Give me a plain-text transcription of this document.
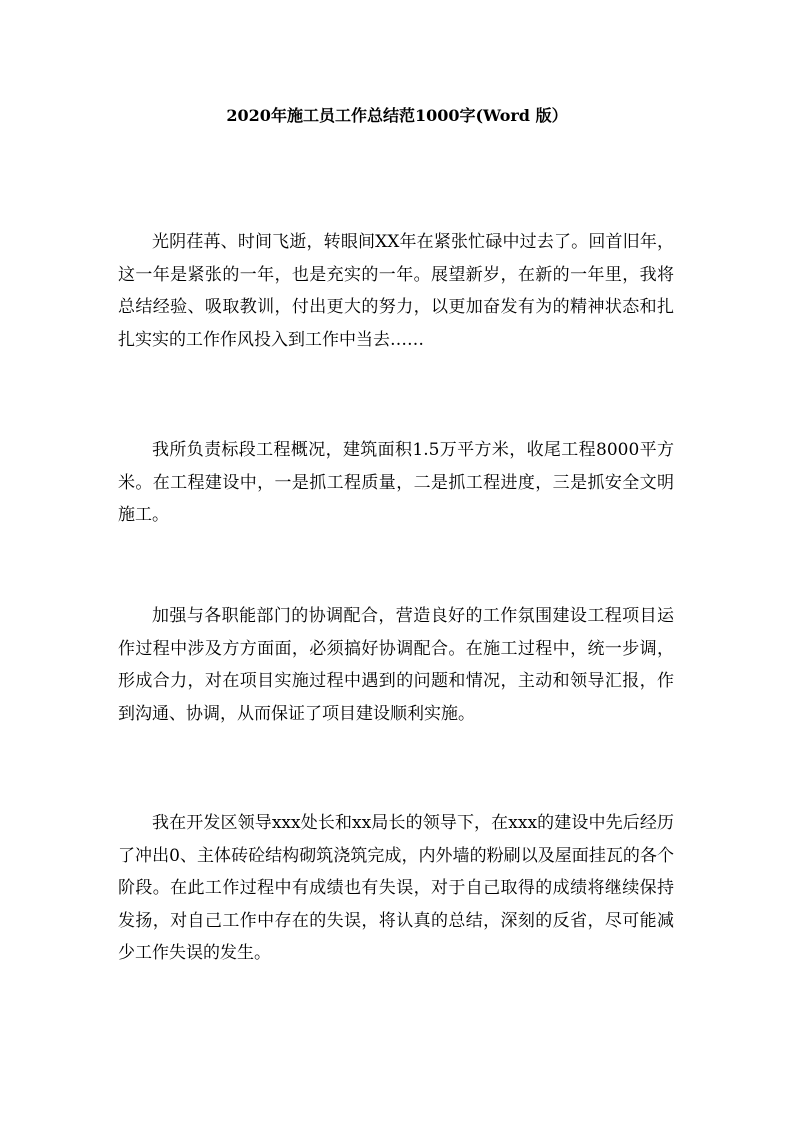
2020年施工员工作总结范1000字(Word 版）

光阴荏苒、时间飞逝，转眼间XX年在紧张忙碌中过去了。回首旧年，这一年是紧张的一年，也是充实的一年。展望新岁，在新的一年里，我将总结经验、吸取教训，付出更大的努力，以更加奋发有为的精神状态和扎扎实实的工作作风投入到工作中当去……

我所负责标段工程概况，建筑面积1.5万平方米，收尾工程8000平方米。在工程建设中，一是抓工程质量，二是抓工程进度，三是抓安全文明施工。

加强与各职能部门的协调配合，营造良好的工作氛围建设工程项目运作过程中涉及方方面面，必须搞好协调配合。在施工过程中，统一步调，形成合力，对在项目实施过程中遇到的问题和情况，主动和领导汇报，作到沟通、协调，从而保证了项目建设顺利实施。

我在开发区领导xxx处长和xx局长的领导下，在xxx的建设中先后经历了冲出0、主体砖砼结构砌筑浇筑完成，内外墙的粉刷以及屋面挂瓦的各个阶段。在此工作过程中有成绩也有失误，对于自己取得的成绩将继续保持发扬，对自己工作中存在的失误，将认真的总结，深刻的反省，尽可能减少工作失误的发生。
